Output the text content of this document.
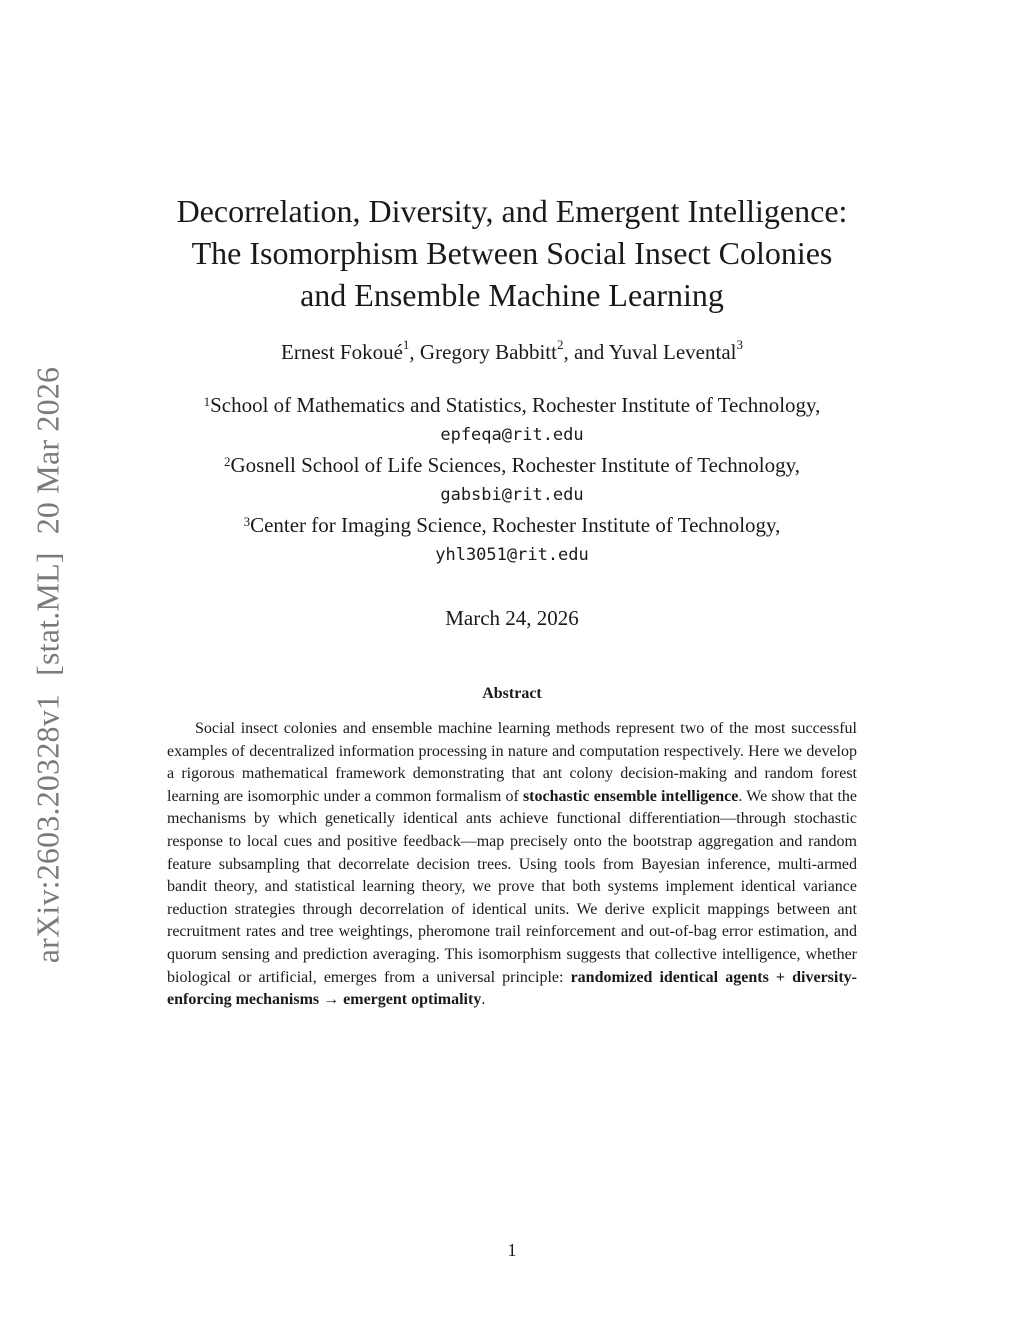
arXiv:2603.20328v1[stat.ML]20 Mar 2026
Decorrelation, Diversity, and Emergent Intelligence:
The Isomorphism Between Social Insect Colonies
and Ensemble Machine Learning
Ernest Fokoué$^1$, Gregory Babbitt$^2$, and Yuval Levental$^3$
$^1$School of Mathematics and Statistics, Rochester Institute of Technology,
epfeqa@rit.edu
$^2$Gosnell School of Life Sciences, Rochester Institute of Technology,
gabsbi@rit.edu
$^3$Center for Imaging Science, Rochester Institute of Technology,
yhl3051@rit.edu
March 24, 2026
Abstract

Social insect colonies and ensemble machine learning methods represent two of the most successful examples of decentralized information processing in nature and computation respectively. Here we develop a rigorous mathematical framework demonstrating that ant colony decision-making and random forest learning are isomorphic under a common formalism of stochastic ensemble intelligence. We show that the mechanisms by which genetically identical ants achieve functional differentiation—through stochastic response to local cues and positive feedback—map precisely onto the bootstrap aggregation and random feature subsampling that decorrelate decision trees. Using tools from Bayesian inference, multi-armed bandit theory, and statistical learning theory, we prove that both systems implement identical variance reduction strategies through decorrelation of identical units. We derive explicit mappings between ant recruitment rates and tree weightings, pheromone trail reinforcement and out-of-bag error estimation, and quorum sensing and prediction averaging. This isomorphism suggests that collective intelligence, whether biological or artificial, emerges from a universal principle: randomized identical agents + diversity-enforcing mechanisms → emergent optimality.

1
